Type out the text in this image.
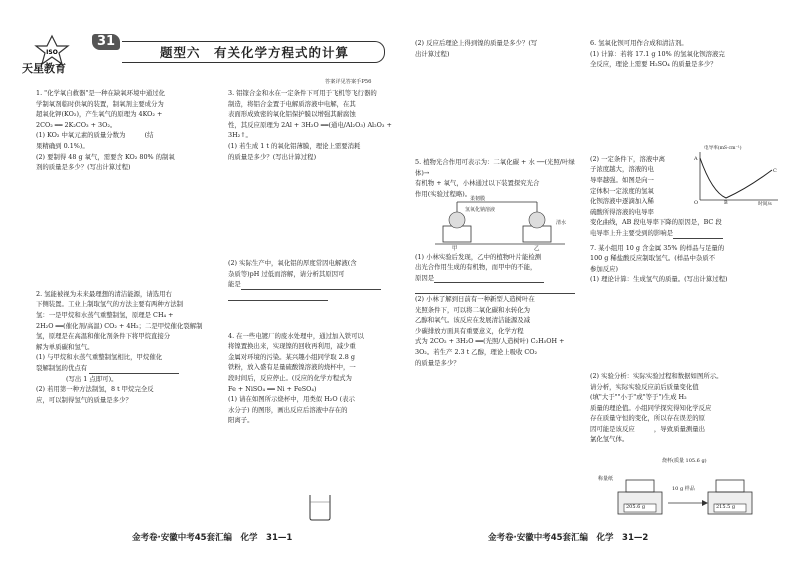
ISO
天星教育
31
题型六　有关化学方程式的计算
答案详见答案手P56

1. "化学氧自救器"是一种在缺氧环境中通过化

学制氧剂临时供氧的装置，制氧剂主要成分为

超氧化钾(KO₂)，产生氧气的原理为 4KO₂ +

2CO₂ ══ 2K₂CO₃ + 3O₂。

(1) KO₂ 中氧元素的质量分数为　　　(结

果精确到 0.1%)。

(2) 要制得 48 g 氧气，需要含 KO₂ 80% 的制氧

剂的质量是多少？(写出计算过程)

2. 氢能被视为未来最理想的清洁能源，请选用右

下侧装置。工业上制取氢气的方法主要有两种方法制

氢：一是甲烷和水蒸气重整制氢，原理是 CH₄ +

2H₂O ══(催化剂/高温) CO₂ + 4H₂；二是甲烷催化裂解制

氢，原理是在高温和催化剂条件下将甲烷直接分

解为单质碳和氢气。

(1) 与甲烷和水蒸气重整制氢相比，甲烷催化

裂解制氢的优点有

(写出 1 点即可)。

(2) 若用第一种方法制氢，8 t 甲烷完全反

应，可以制得氢气的质量是多少？

3. 铝镓合金和水在一定条件下可用于飞机等飞行器的

制造，将铝合金置于电解质溶液中电解，在其

表面形成致密的氧化铝保护膜以增强其耐腐蚀

性，其反应原理为 2Al + 3H₂O ══(通电/Al₂O₃) Al₂O₃ + 3H₂↑。

(1) 若生成 1 t 的氧化铝薄膜，理论上需要消耗

的质量是多少？(写出计算过程)

(2) 实际生产中，氧化铝的厚度常因电解液(含

杂质等)pH 过低而溶解，请分析其原因可

能是

4. 在一些电镀厂的废水处理中，通过加入铁可以

将镍置换出来，实现镍的回收再利用，减少重

金属对环境的污染。某兴趣小组同学取 2.8 g

铁粉，放入盛有足量硫酸镍溶液的烧杯中，一

段时间后，反应停止。(反应的化学方程式为

Fe + NiSO₄ ══ Ni + FeSO₄)

(1) 请在如图所示烧杯中，用类似 H₂O (表示

水分子) 的图形，画出反应后溶液中存在的

阳离子。

(2) 反应后理论上得到镍的质量是多少？(写

出计算过程)

5. 植物光合作用可表示为：二氧化碳 + 水 ──(光照/叶绿体)→

有机物 + 氧气，小林通过以下装置探究光合

作用(实验过程略)。

(1) 小林实验后发现，乙中的植物叶片能检测

出光合作用生成的有机物，而甲中的不能，

原因是

(2) 小林了解到日前有一种新型人造树叶在

光照条件下，可以将二氧化碳和水转化为

乙醇和氧气。该反应在发展清洁能源及减

少碳排放方面具有重要意义，化学方程

式为 2CO₂ + 3H₂O ══(光照/人造树叶) C₂H₅OH +

3O₂。若生产 2.3 t 乙醇，理论上吸收 CO₂

的质量是多少？

柔韧膜
氢氧化钠溶液
清水
甲	乙

6. 氢氧化钡可用作合成和清洁剂。

(1) 计算：若将 17.1 g 10% 的氢氧化钡溶液完

全反应，理论上需要 H₂SO₄ 的质量是多少？

(2) 一定条件下，溶液中离

子浓度越大，溶液的电

导率越强。如图是向一

定体积一定浓度的氢氧

化钡溶液中逐滴加入稀

硫酸所得溶液的电导率

变化曲线，AB 段电导率下降的原因是，BC 段

电导率上升主要受到的影响是

7. 某小组用 10 g 含金属 35% 的样品与足量的

100 g 稀盐酸反应制取氢气。(样品中杂质不

参加反应)

(1) 理论计算：生成氢气的质量。(写出计算过程)

(2) 实验分析：实际实验过程和数据如图所示。

请分析，实际实验反应前后质量变化值

(填"大于""小于"或"等于")生成 H₂

质量的理论值。小组同学探究得知化学反应

存在质量守恒的变化，所以存在误差的原

因可能是该反应　　　，导致质量测量出

氯化氢气体。

电导率(mS·cm⁻¹)
时间/s
A
B
C
O
烧杯(质量 105.6 g)
称量纸
10 g 样品
205.6 g	215.5 g
金考卷·安徽中考45套汇编　化学　31—1	金考卷·安徽中考45套汇编　化学　31—2
